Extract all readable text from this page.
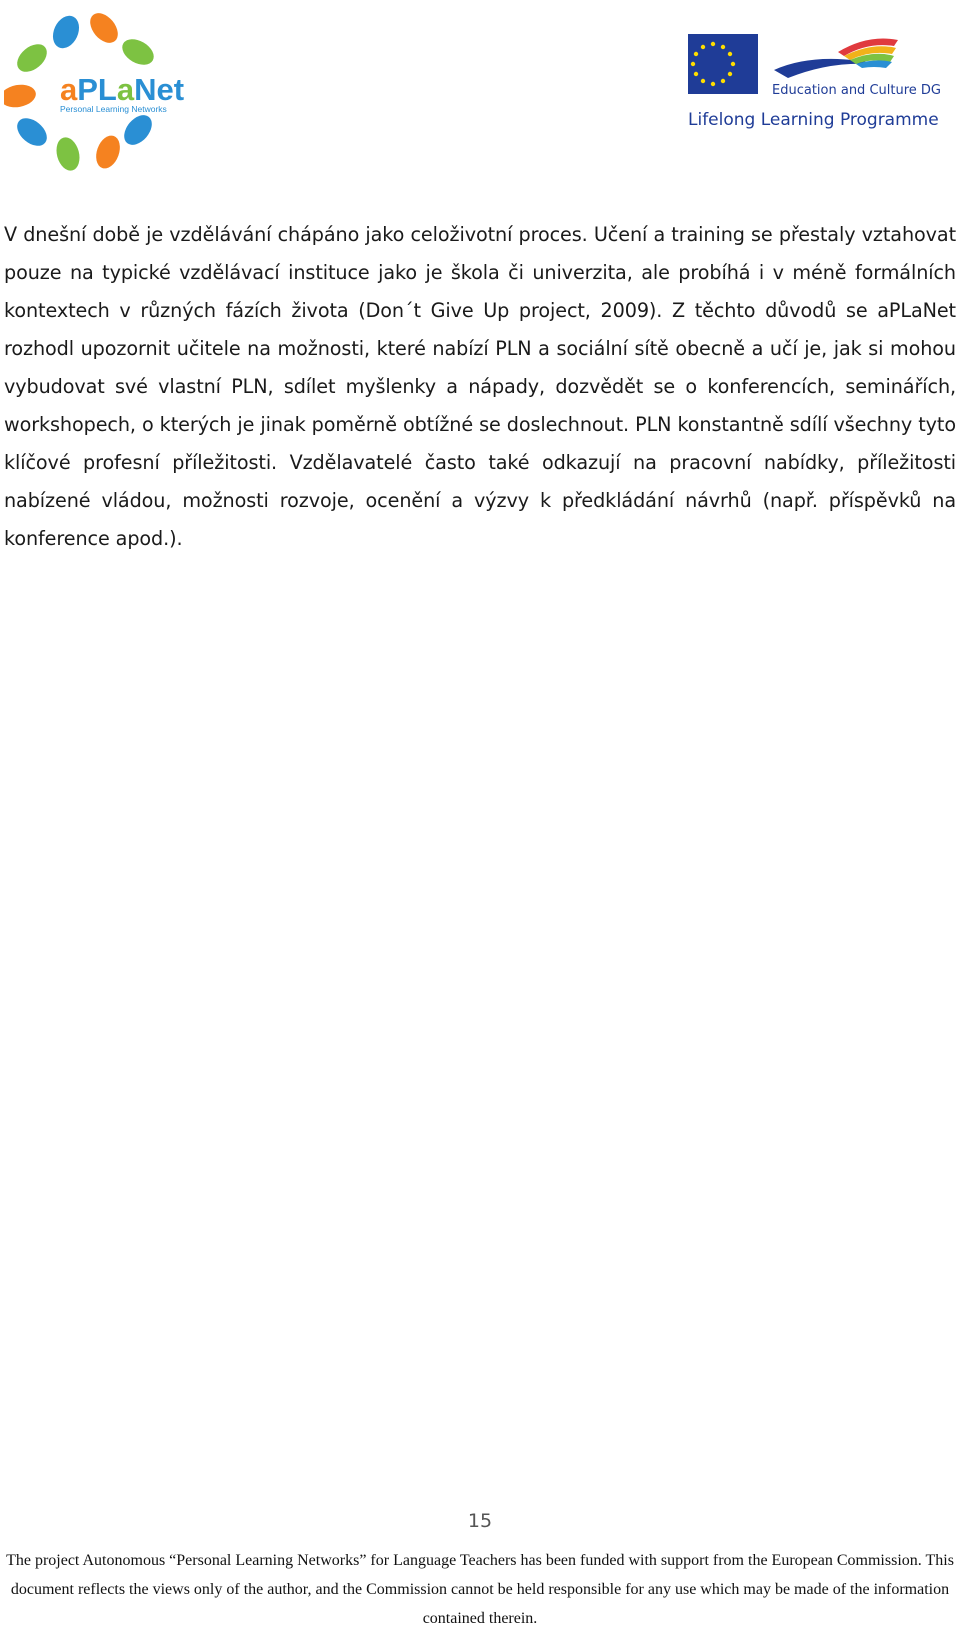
aPLaNet
Personal Learning Networks
Education and Culture DG
Lifelong Learning Programme

V dnešní době je vzdělávání chápáno jako celoživotní proces. Učení a training se přestaly vztahovat pouze na typické vzdělávací instituce jako je škola či univerzita, ale probíhá i v méně formálních kontextech v různých fázích života (Don´t Give Up project, 2009). Z těchto důvodů se aPLaNet rozhodl upozornit učitele na možnosti, které nabízí PLN a sociální sítě obecně a učí je, jak si mohou vybudovat své vlastní PLN, sdílet myšlenky a nápady, dozvědět se o konferencích, seminářích, workshopech, o kterých je jinak poměrně obtížné se doslechnout. PLN konstantně sdílí všechny tyto klíčové profesní příležitosti. Vzdělavatelé často také odkazují na pracovní nabídky, příležitosti nabízené vládou, možnosti rozvoje, ocenění a výzvy k předkládání návrhů (např. příspěvků na konference apod.).

15

The project Autonomous “Personal Learning Networks” for Language Teachers has been funded with support from the European Commission. This document reflects the views only of the author, and the Commission cannot be held responsible for any use which may be made of the information contained therein.
